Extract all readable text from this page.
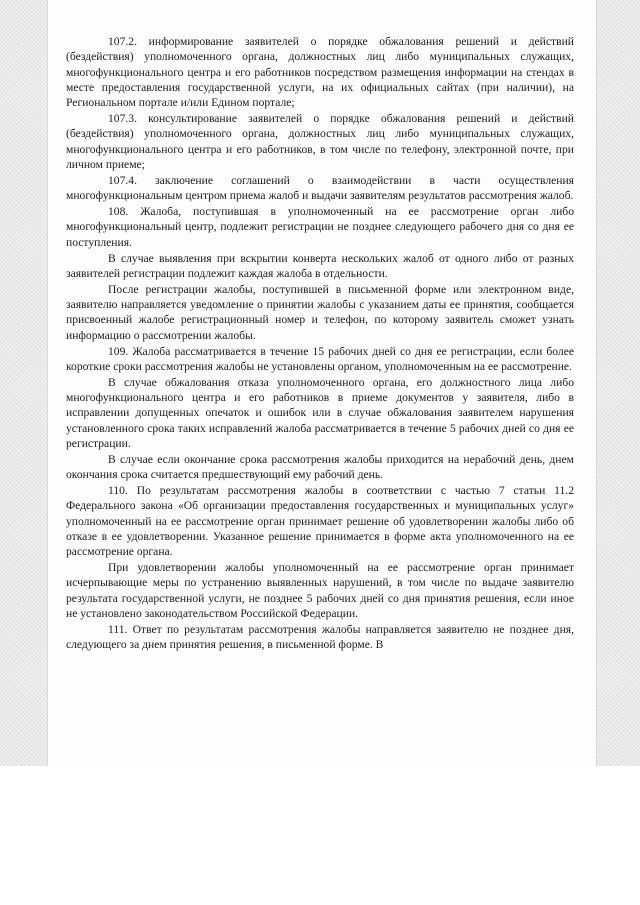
107.2. информирование заявителей о порядке обжалования решений и действий (бездействия) уполномоченного органа, должностных лиц либо муниципальных служащих, многофункционального центра и его работников посредством размещения информации на стендах в месте предоставления государственной услуги, на их официальных сайтах (при наличии), на Региональном портале и/или Едином портале;

107.3. консультирование заявителей о порядке обжалования решений и действий (бездействия) уполномоченного органа, должностных лиц либо муниципальных служащих, многофункционального центра и его работников, в том числе по телефону, электронной почте, при личном приеме;

107.4. заключение соглашений о взаимодействии в части осуществления многофункциональным центром приема жалоб и выдачи заявителям результатов рассмотрения жалоб.

108. Жалоба, поступившая в уполномоченный на ее рассмотрение орган либо многофункциональный центр, подлежит регистрации не позднее следующего рабочего дня со дня ее поступления.

В случае выявления при вскрытии конверта нескольких жалоб от одного либо от разных заявителей регистрации подлежит каждая жалоба в отдельности.

После регистрации жалобы, поступившей в письменной форме или электронном виде, заявителю направляется уведомление о принятии жалобы с указанием даты ее принятия, сообщается присвоенный жалобе регистрационный номер и телефон, по которому заявитель сможет узнать информацию о рассмотрении жалобы.

109. Жалоба рассматривается в течение 15 рабочих дней со дня ее регистрации, если более короткие сроки рассмотрения жалобы не установлены органом, уполномоченным на ее рассмотрение.

В случае обжалования отказа уполномоченного органа, его должностного лица либо многофункционального центра и его работников в приеме документов у заявителя, либо в исправлении допущенных опечаток и ошибок или в случае обжалования заявителем нарушения установленного срока таких исправлений жалоба рассматривается в течение 5 рабочих дней со дня ее регистрации.

В случае если окончание срока рассмотрения жалобы приходится на нерабочий день, днем окончания срока считается предшествующий ему рабочий день.

110. По результатам рассмотрения жалобы в соответствии с частью 7 статьи 11.2 Федерального закона «Об организации предоставления государственных и муниципальных услуг» уполномоченный на ее рассмотрение орган принимает решение об удовлетворении жалобы либо об отказе в ее удовлетворении. Указанное решение принимается в форме акта уполномоченного на ее рассмотрение органа.

При удовлетворении жалобы уполномоченный на ее рассмотрение орган принимает исчерпывающие меры по устранению выявленных нарушений, в том числе по выдаче заявителю результата государственной услуги, не позднее 5 рабочих дней со дня принятия решения, если иное не установлено законодательством Российской Федерации.

111. Ответ по результатам рассмотрения жалобы направляется заявителю не позднее дня, следующего за днем принятия решения, в письменной форме. В
